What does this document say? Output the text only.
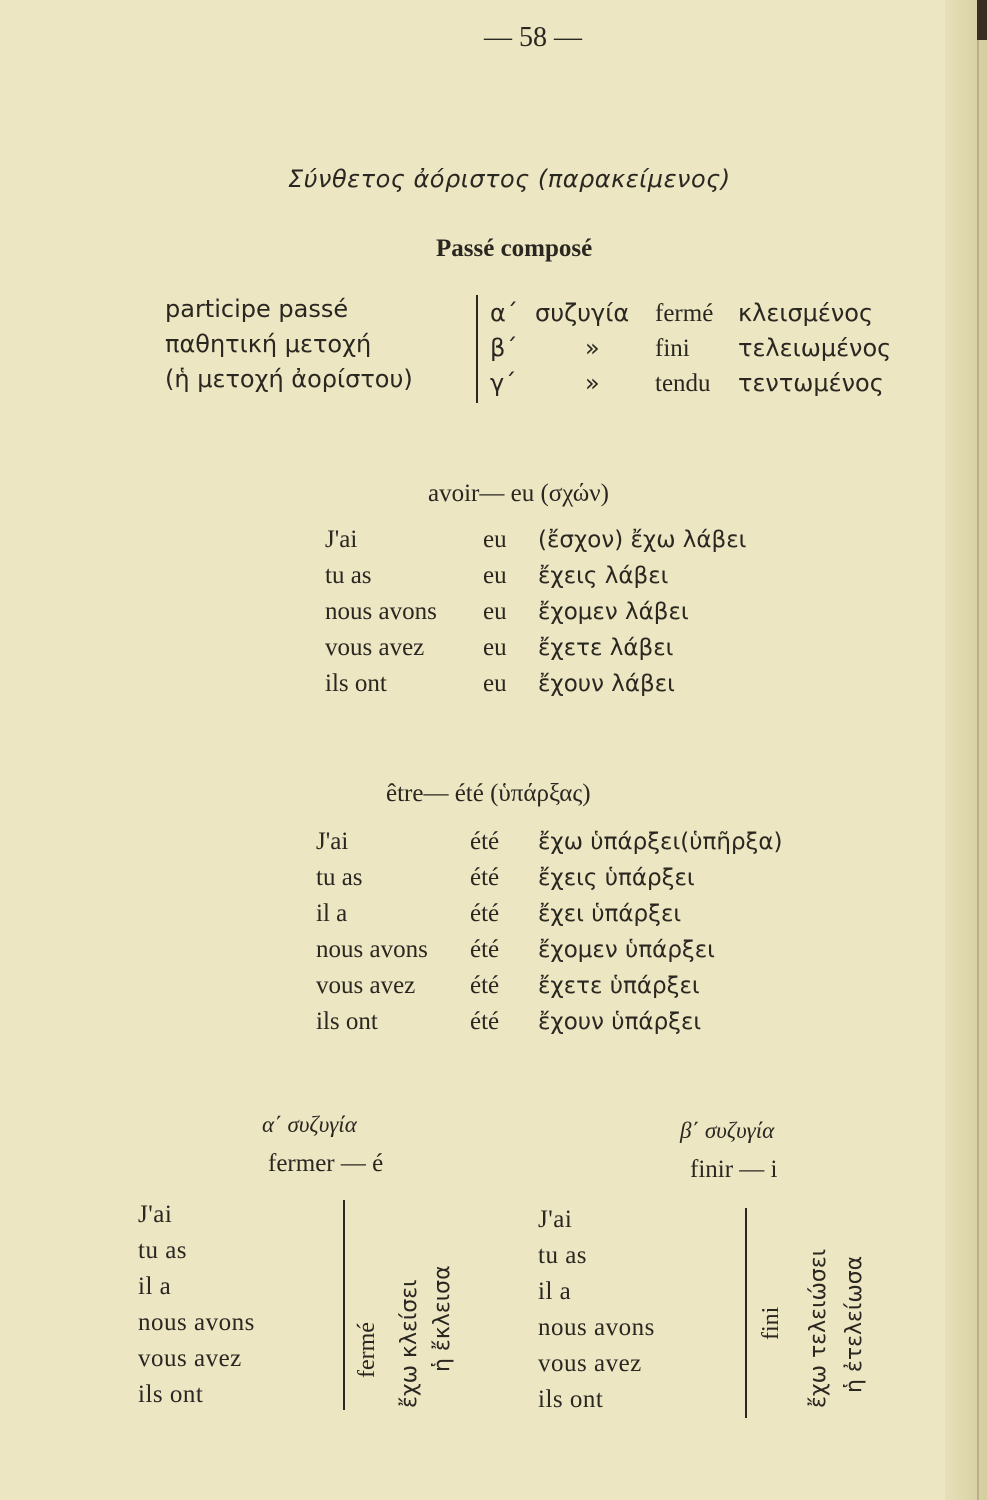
— 58 —
Σύνθετος ἀόριστος (παρακείμενος)
Passé composé
participe passé
παθητική μετοχή
(ἡ μετοχή ἀορίστου)
α΄
β΄
γ΄
συζυγία
»
»
fermé
fini
tendu
κλεισμένος
τελειωμένος
τεντωμένος
avoir— eu (σχών)
J'ai
tu as
nous avons
vous avez
ils ont
eu
eu
eu
eu
eu
(ἔσχον) ἔχω λάβει
ἔχεις λάβει
ἔχομεν λάβει
ἔχετε λάβει
ἔχουν λάβει
être— été (ὑπάρξας)
J'ai
tu as
il a
nous avons
vous avez
ils ont
été
été
été
été
été
été
ἔχω ὑπάρξει(ὑπῆρξα)
ἔχεις ὑπάρξει
ἔχει ὑπάρξει
ἔχομεν ὑπάρξει
ἔχετε ὑπάρξει
ἔχουν ὑπάρξει
α΄ συζυγία
fermer — é
J'ai
tu as
il a
nous avons
vous avez
ils ont
fermé ἔχω κλείσει ἡ ἔκλεισα
β΄ συζυγία
finir — i
J'ai
tu as
il a
nous avons
vous avez
ils ont
fini ἔχω τελειώσει ἡ ἐτελείωσα
